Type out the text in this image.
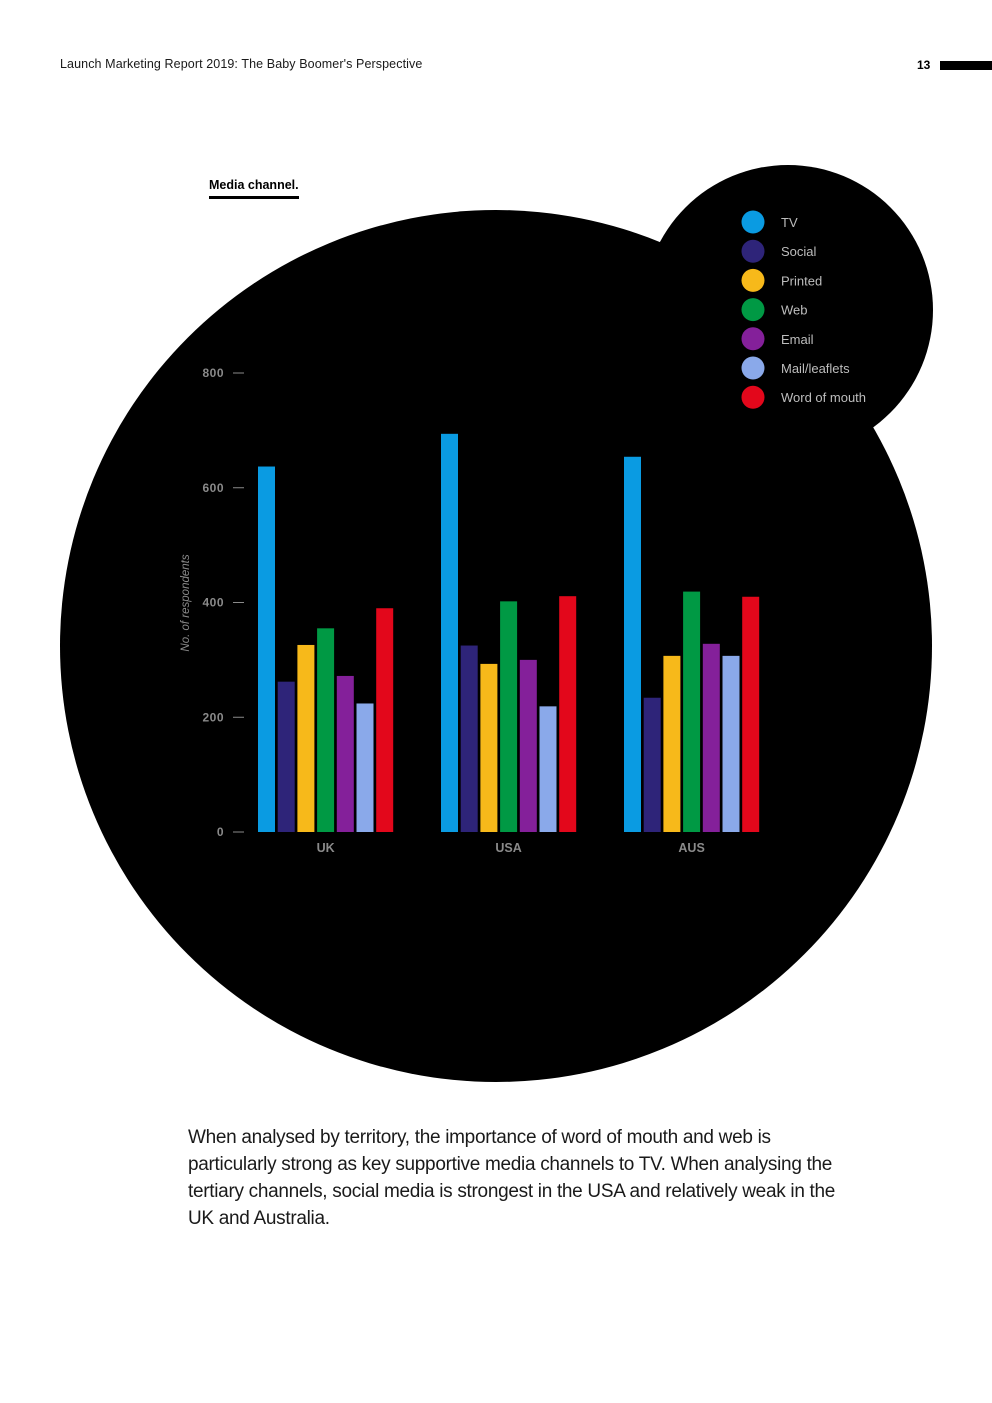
Launch Marketing Report 2019: The Baby Boomer's Perspective	13
No. of respondents
0
200
400
600
800
UK	USA	AUS
TV
Social
Printed
Web
Email
Mail/leaflets
Word of mouth
Media channel.
When analysed by territory, the importance of word of mouth and web is particularly strong as key supportive media channels to TV. When analysing the tertiary channels, social media is strongest in the USA and relatively weak in the UK and Australia.
